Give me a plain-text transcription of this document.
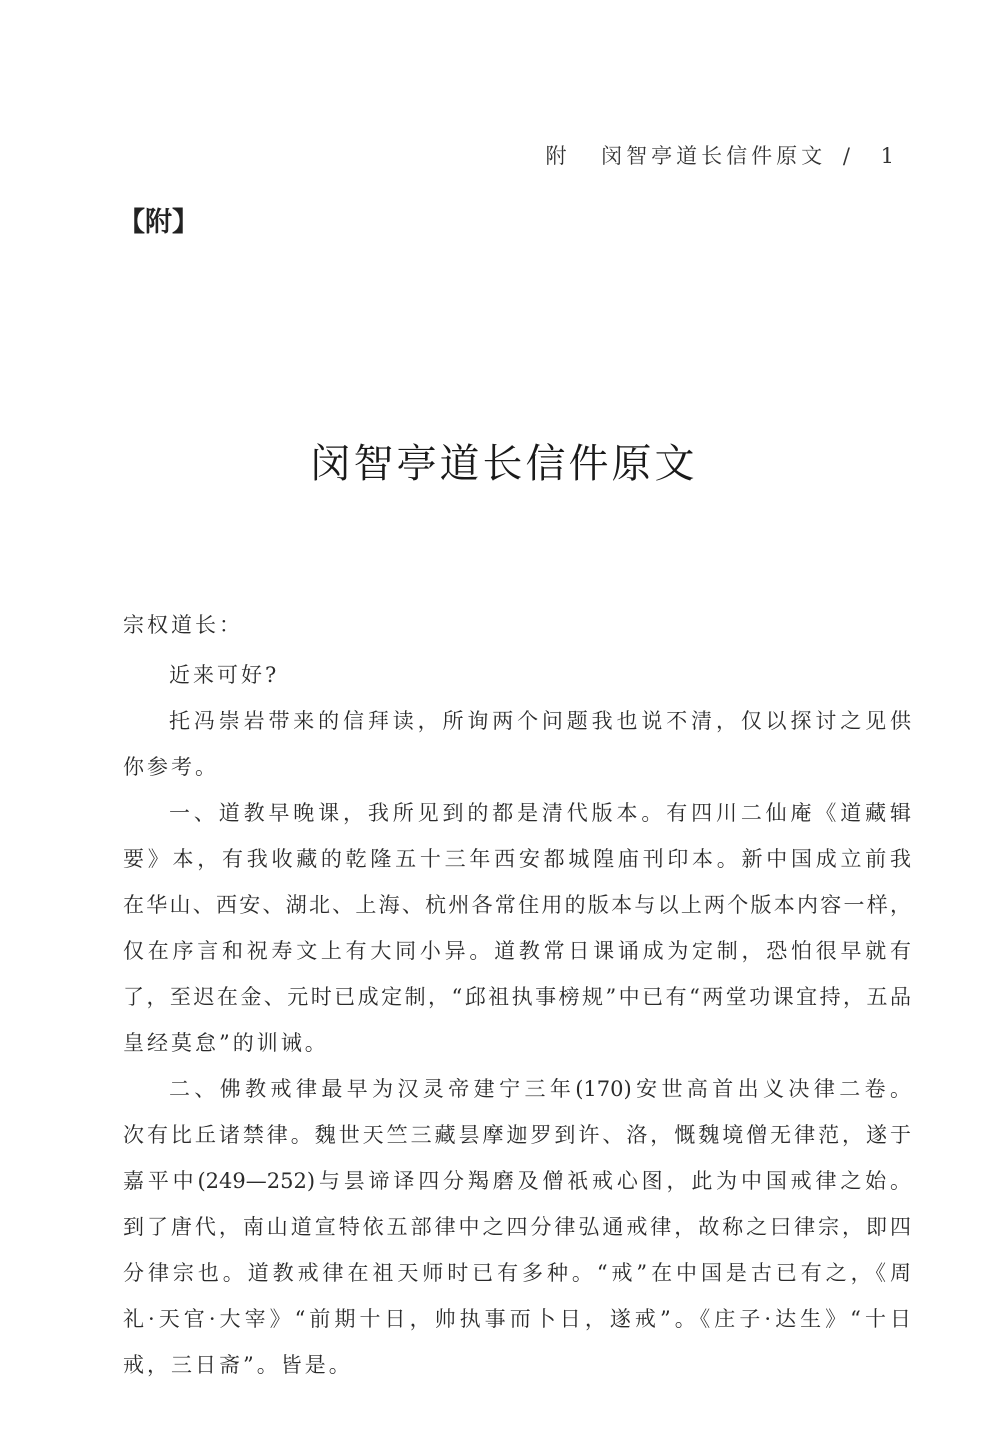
附 闵智亭道长信件原文 / 1
【附】
闵智亭道长信件原文
宗权道长：
近来可好?
托冯崇岩带来的信拜读，所询两个问题我也说不清，仅以探讨之见供
你参考。
一、道教早晚课，我所见到的都是清代版本。有四川二仙庵《道藏辑
要》本，有我收藏的乾隆五十三年西安都城隍庙刊印本。新中国成立前我
在华山、西安、湖北、上海、杭州各常住用的版本与以上两个版本内容一样，
仅在序言和祝寿文上有大同小异。道教常日课诵成为定制，恐怕很早就有
了，至迟在金、元时已成定制，“邱祖执事榜规”中已有“两堂功课宜持，五品
皇经莫怠”的训诫。
二、佛教戒律最早为汉灵帝建宁三年(170)安世高首出义决律二卷。
次有比丘诸禁律。魏世天竺三藏昙摩迦罗到许、洛，慨魏境僧无律范，遂于
嘉平中(249—252)与昙谛译四分羯磨及僧祇戒心图，此为中国戒律之始。
到了唐代，南山道宣特依五部律中之四分律弘通戒律，故称之曰律宗，即四
分律宗也。道教戒律在祖天师时已有多种。“戒”在中国是古已有之，《周
礼·天官·大宰》“前期十日，帅执事而卜日，遂戒”。《庄子·达生》“十日
戒，三日斋”。皆是。
